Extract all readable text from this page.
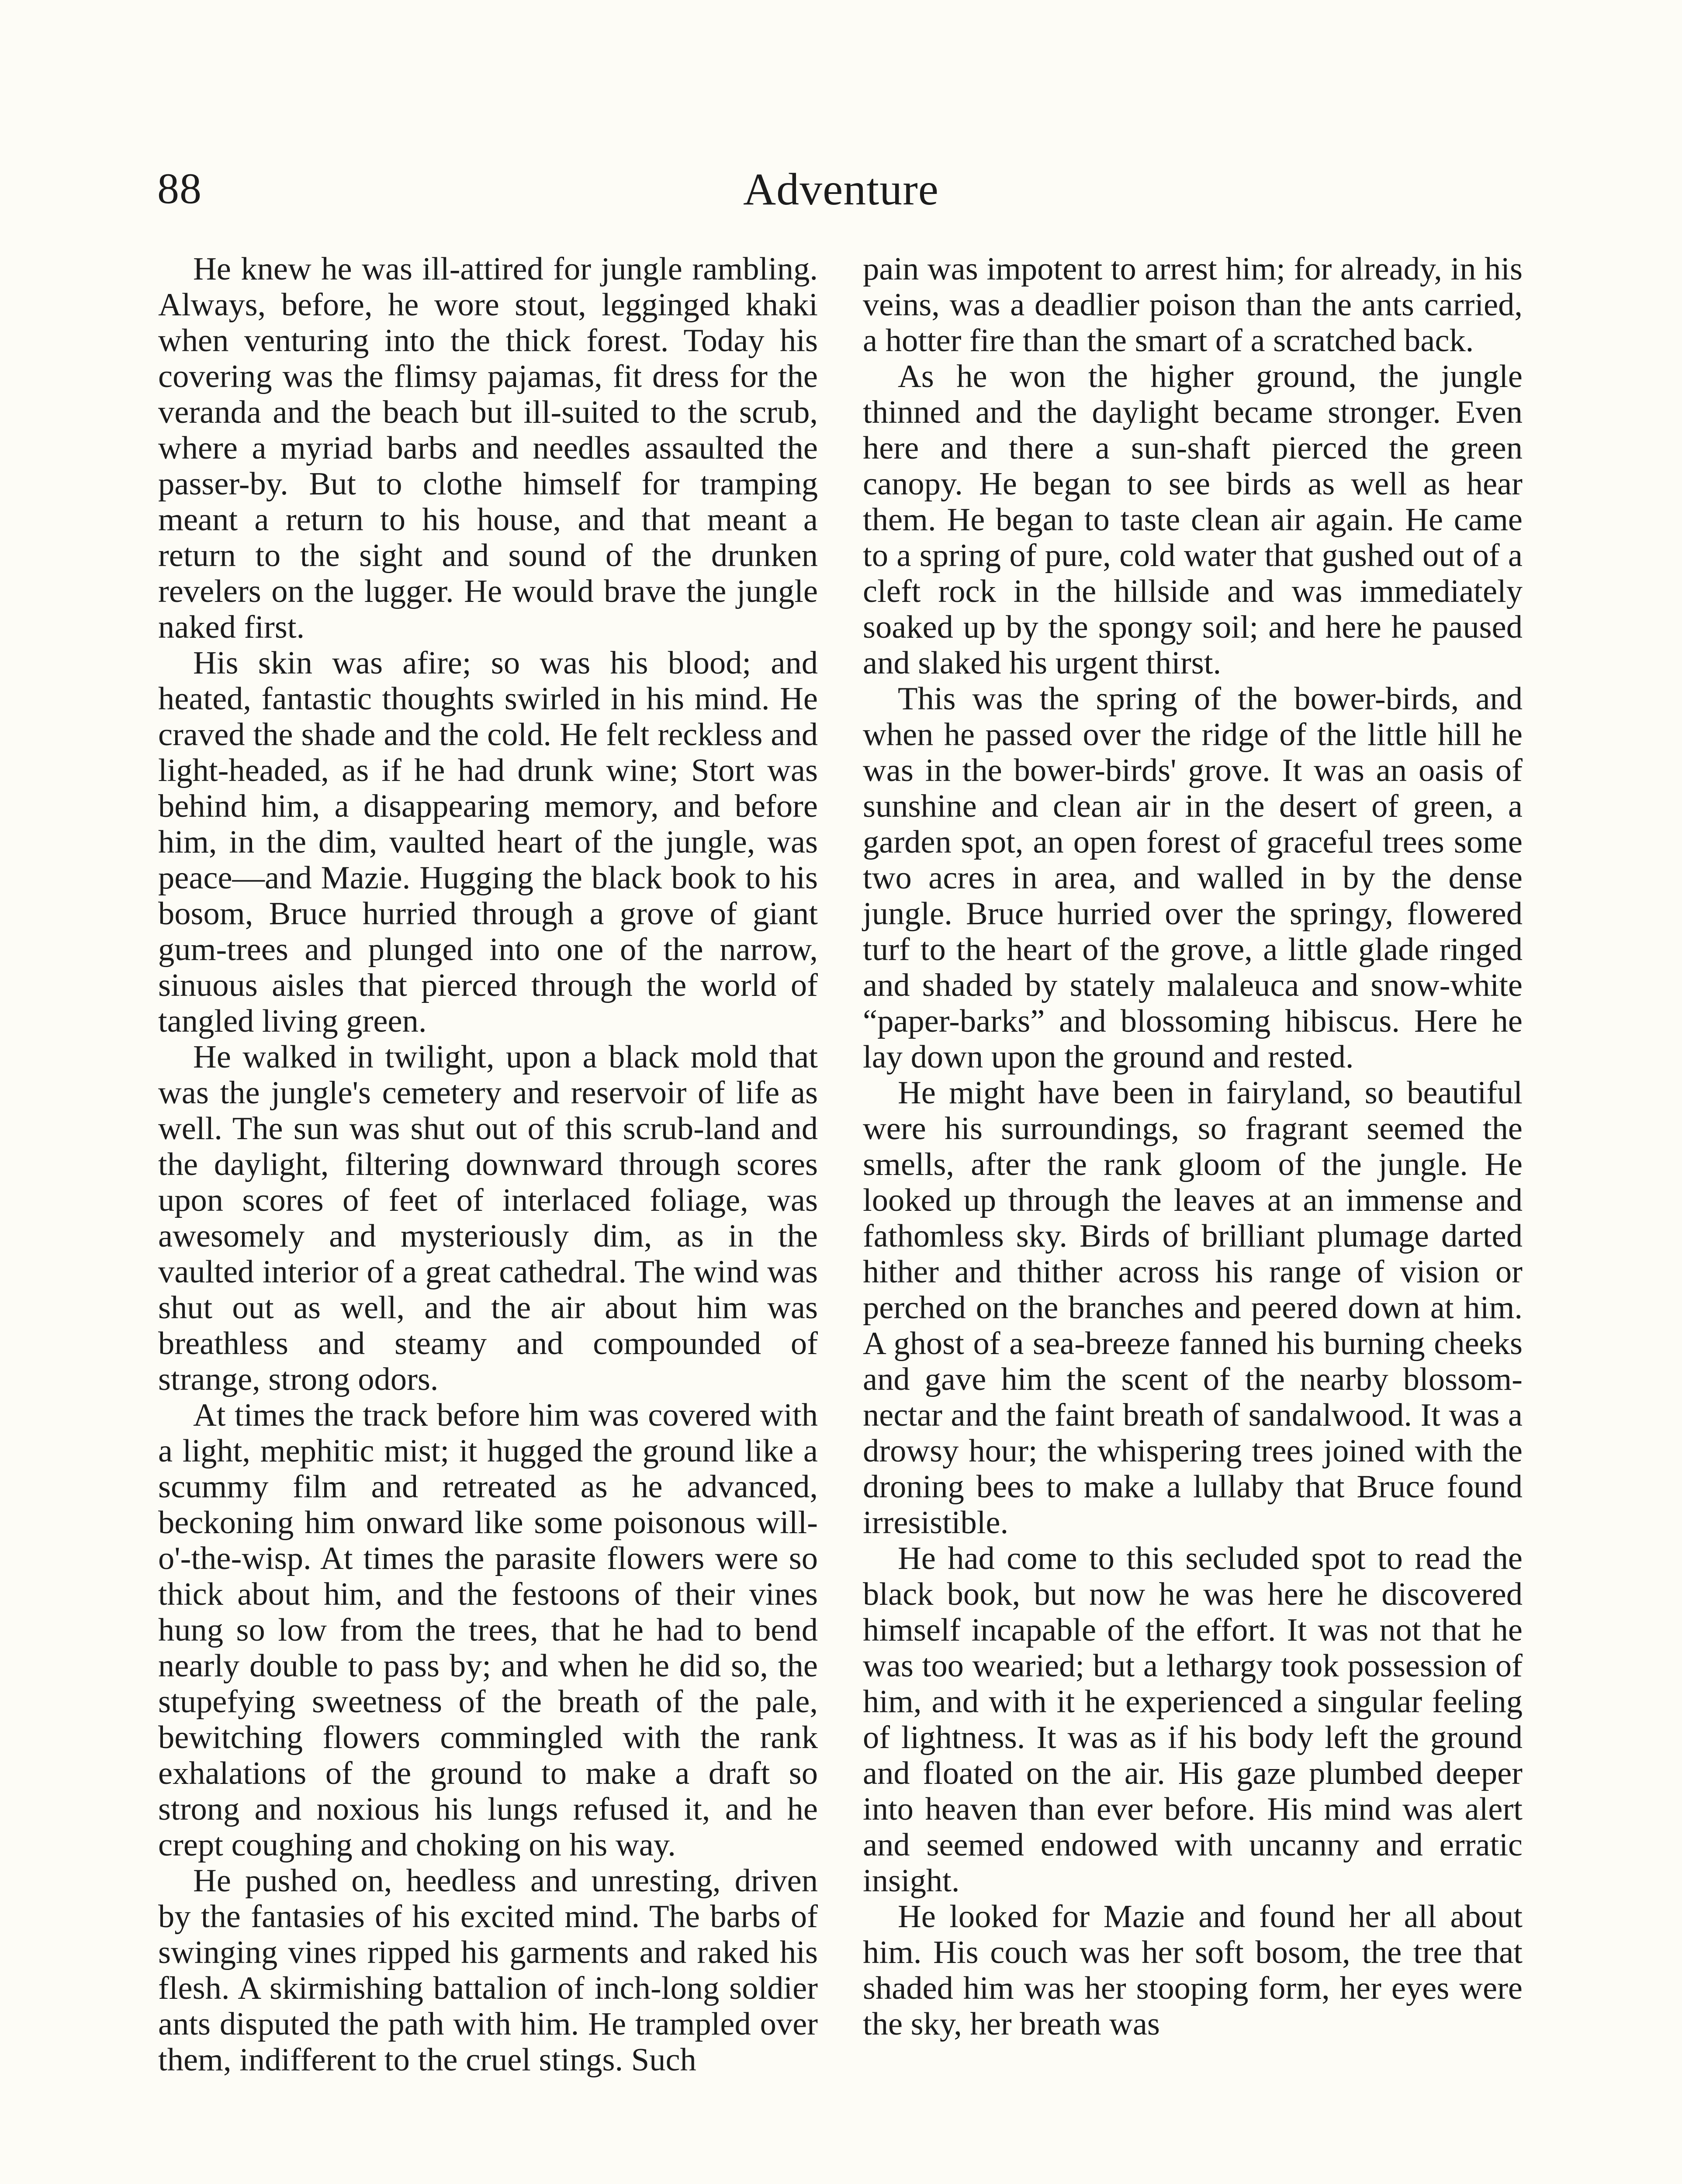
88	Adventure

He knew he was ill-attired for jungle rambling. Always, before, he wore stout, legginged khaki when venturing into the thick forest. Today his covering was the flimsy pajamas, fit dress for the veranda and the beach but ill-suited to the scrub, where a myriad barbs and needles assaulted the passer-by. But to clothe himself for tramping meant a return to his house, and that meant a return to the sight and sound of the drunken revelers on the lugger. He would brave the jungle naked first.

His skin was afire; so was his blood; and heated, fantastic thoughts swirled in his mind. He craved the shade and the cold. He felt reckless and light-headed, as if he had drunk wine; Stort was behind him, a disappearing memory, and before him, in the dim, vaulted heart of the jungle, was peace—and Mazie. Hugging the black book to his bosom, Bruce hurried through a grove of giant gum-trees and plunged into one of the narrow, sinuous aisles that pierced through the world of tangled living green.

He walked in twilight, upon a black mold that was the jungle's cemetery and reservoir of life as well. The sun was shut out of this scrub-land and the daylight, filtering downward through scores upon scores of feet of interlaced foliage, was awesomely and mysteriously dim, as in the vaulted interior of a great cathedral. The wind was shut out as well, and the air about him was breathless and steamy and compounded of strange, strong odors.

At times the track before him was covered with a light, mephitic mist; it hugged the ground like a scummy film and retreated as he advanced, beckoning him onward like some poisonous will-o'-the-wisp. At times the parasite flowers were so thick about him, and the festoons of their vines hung so low from the trees, that he had to bend nearly double to pass by; and when he did so, the stupefying sweetness of the breath of the pale, bewitching flowers commingled with the rank exhalations of the ground to make a draft so strong and noxious his lungs refused it, and he crept coughing and choking on his way.

He pushed on, heedless and unresting, driven by the fantasies of his excited mind. The barbs of swinging vines ripped his garments and raked his flesh. A skirmishing battalion of inch-long soldier ants disputed the path with him. He trampled over them, indifferent to the cruel stings. Such

pain was impotent to arrest him; for already, in his veins, was a deadlier poison than the ants carried, a hotter fire than the smart of a scratched back.

As he won the higher ground, the jungle thinned and the daylight became stronger. Even here and there a sun-shaft pierced the green canopy. He began to see birds as well as hear them. He began to taste clean air again. He came to a spring of pure, cold water that gushed out of a cleft rock in the hillside and was immediately soaked up by the spongy soil; and here he paused and slaked his urgent thirst.

This was the spring of the bower-birds, and when he passed over the ridge of the little hill he was in the bower-birds' grove. It was an oasis of sunshine and clean air in the desert of green, a garden spot, an open forest of graceful trees some two acres in area, and walled in by the dense jungle. Bruce hurried over the springy, flowered turf to the heart of the grove, a little glade ringed and shaded by stately malaleuca and snow-white “paper-barks” and blossoming hibiscus. Here he lay down upon the ground and rested.

He might have been in fairyland, so beautiful were his surroundings, so fragrant seemed the smells, after the rank gloom of the jungle. He looked up through the leaves at an immense and fathomless sky. Birds of brilliant plumage darted hither and thither across his range of vision or perched on the branches and peered down at him. A ghost of a sea-breeze fanned his burning cheeks and gave him the scent of the nearby blossom-nectar and the faint breath of sandalwood. It was a drowsy hour; the whispering trees joined with the droning bees to make a lullaby that Bruce found irresistible.

He had come to this secluded spot to read the black book, but now he was here he discovered himself incapable of the effort. It was not that he was too wearied; but a lethargy took possession of him, and with it he experienced a singular feeling of lightness. It was as if his body left the ground and floated on the air. His gaze plumbed deeper into heaven than ever before. His mind was alert and seemed endowed with uncanny and erratic insight.

He looked for Mazie and found her all about him. His couch was her soft bosom, the tree that shaded him was her stooping form, her eyes were the sky, her breath was
